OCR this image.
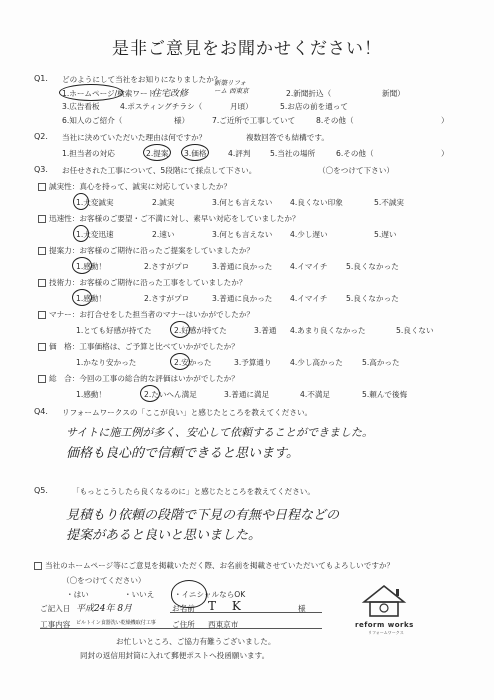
是非ご意見をお聞かせください！
Q1. どのようにして当社をお知りになりましたか？
1.ホームページ/検索ワード
住宅改修
新築リフォーム 西東京	2.新聞折込（	新聞）
3.広告看板	4.ポスティングチラシ（	月頃）	5.お店の前を通って
6.知人のご紹介（	様）	7.ご近所で工事していて	8.その他（	）
Q2. 当社に決めていただいた理由は何ですか？	複数回答でも結構です。
1.担当者の対応	2.提案 3.価格	4.評判	5.当社の場所	6.その他（	）
Q3. お任せされた工事について、5段階にて採点して下さい。	（〇をつけて下さい）
誠実性：真心を持って、誠実に対応していましたか？
1.大変誠実	2.誠実	3.何とも言えない 4.良くない印象	5.不誠実
迅速性：お客様のご要望・ご不満に対し、素早い対応をしていましたか？
1.大変迅速	2.速い	3.何とも言えない 4.少し遅い	5.遅い
提案力：お客様のご期待に沿ったご提案をしていましたか？
1.感動！	2.さすがプロ	3.普通に良かった 4.イマイチ 5.良くなかった
技術力：お客様のご期待に沿った工事をしていましたか？
1.感動！	2.さすがプロ	3.普通に良かった 4.イマイチ 5.良くなかった
マナー：お打合せをした担当者のマナーはいかがでしたか？
1.とても好感が持てた	2.好感が持てた	3.普通 4.あまり良くなかった	5.良くない
価　格：工事価格は、ご予算と比べていかがでしたか？
1.かなり安かった	2.安かった	3.予算通り 4.少し高かった	5.高かった
総　合：今回の工事の総合的な評価はいかがでしたか？
1.感動！	2.たいへん満足	3.普通に満足	4.不満足	5.頼んで後悔
Q4. リフォームワークスの「ここが良い」と感じたところを教えてください。
サイトに施工例が多く、安心して依頼することができました。
価格も良心的で信頼できると思います。
Q5.	「もっとこうしたら良くなるのに」と感じたところを教えてください。
見積もり依頼の段階で下見の有無や日程などの
提案があると良いと思いました。
当社のホームページ等にご意見を掲載いただく際、お名前を掲載させていただいてもよろしいですか？
（〇をつけてください）
・はい	・いいえ	・イニシャルならOK
ご記入日 平成24年 8月	お名前 T K	様
工事内容 ビルトイン食器洗い乾燥機取付工事 ご住所 西東京市
お忙しいところ、ご協力有難うございました。
同封の返信用封筒に入れて郵便ポストへ投函願います。
reform works
リフォームワークス
